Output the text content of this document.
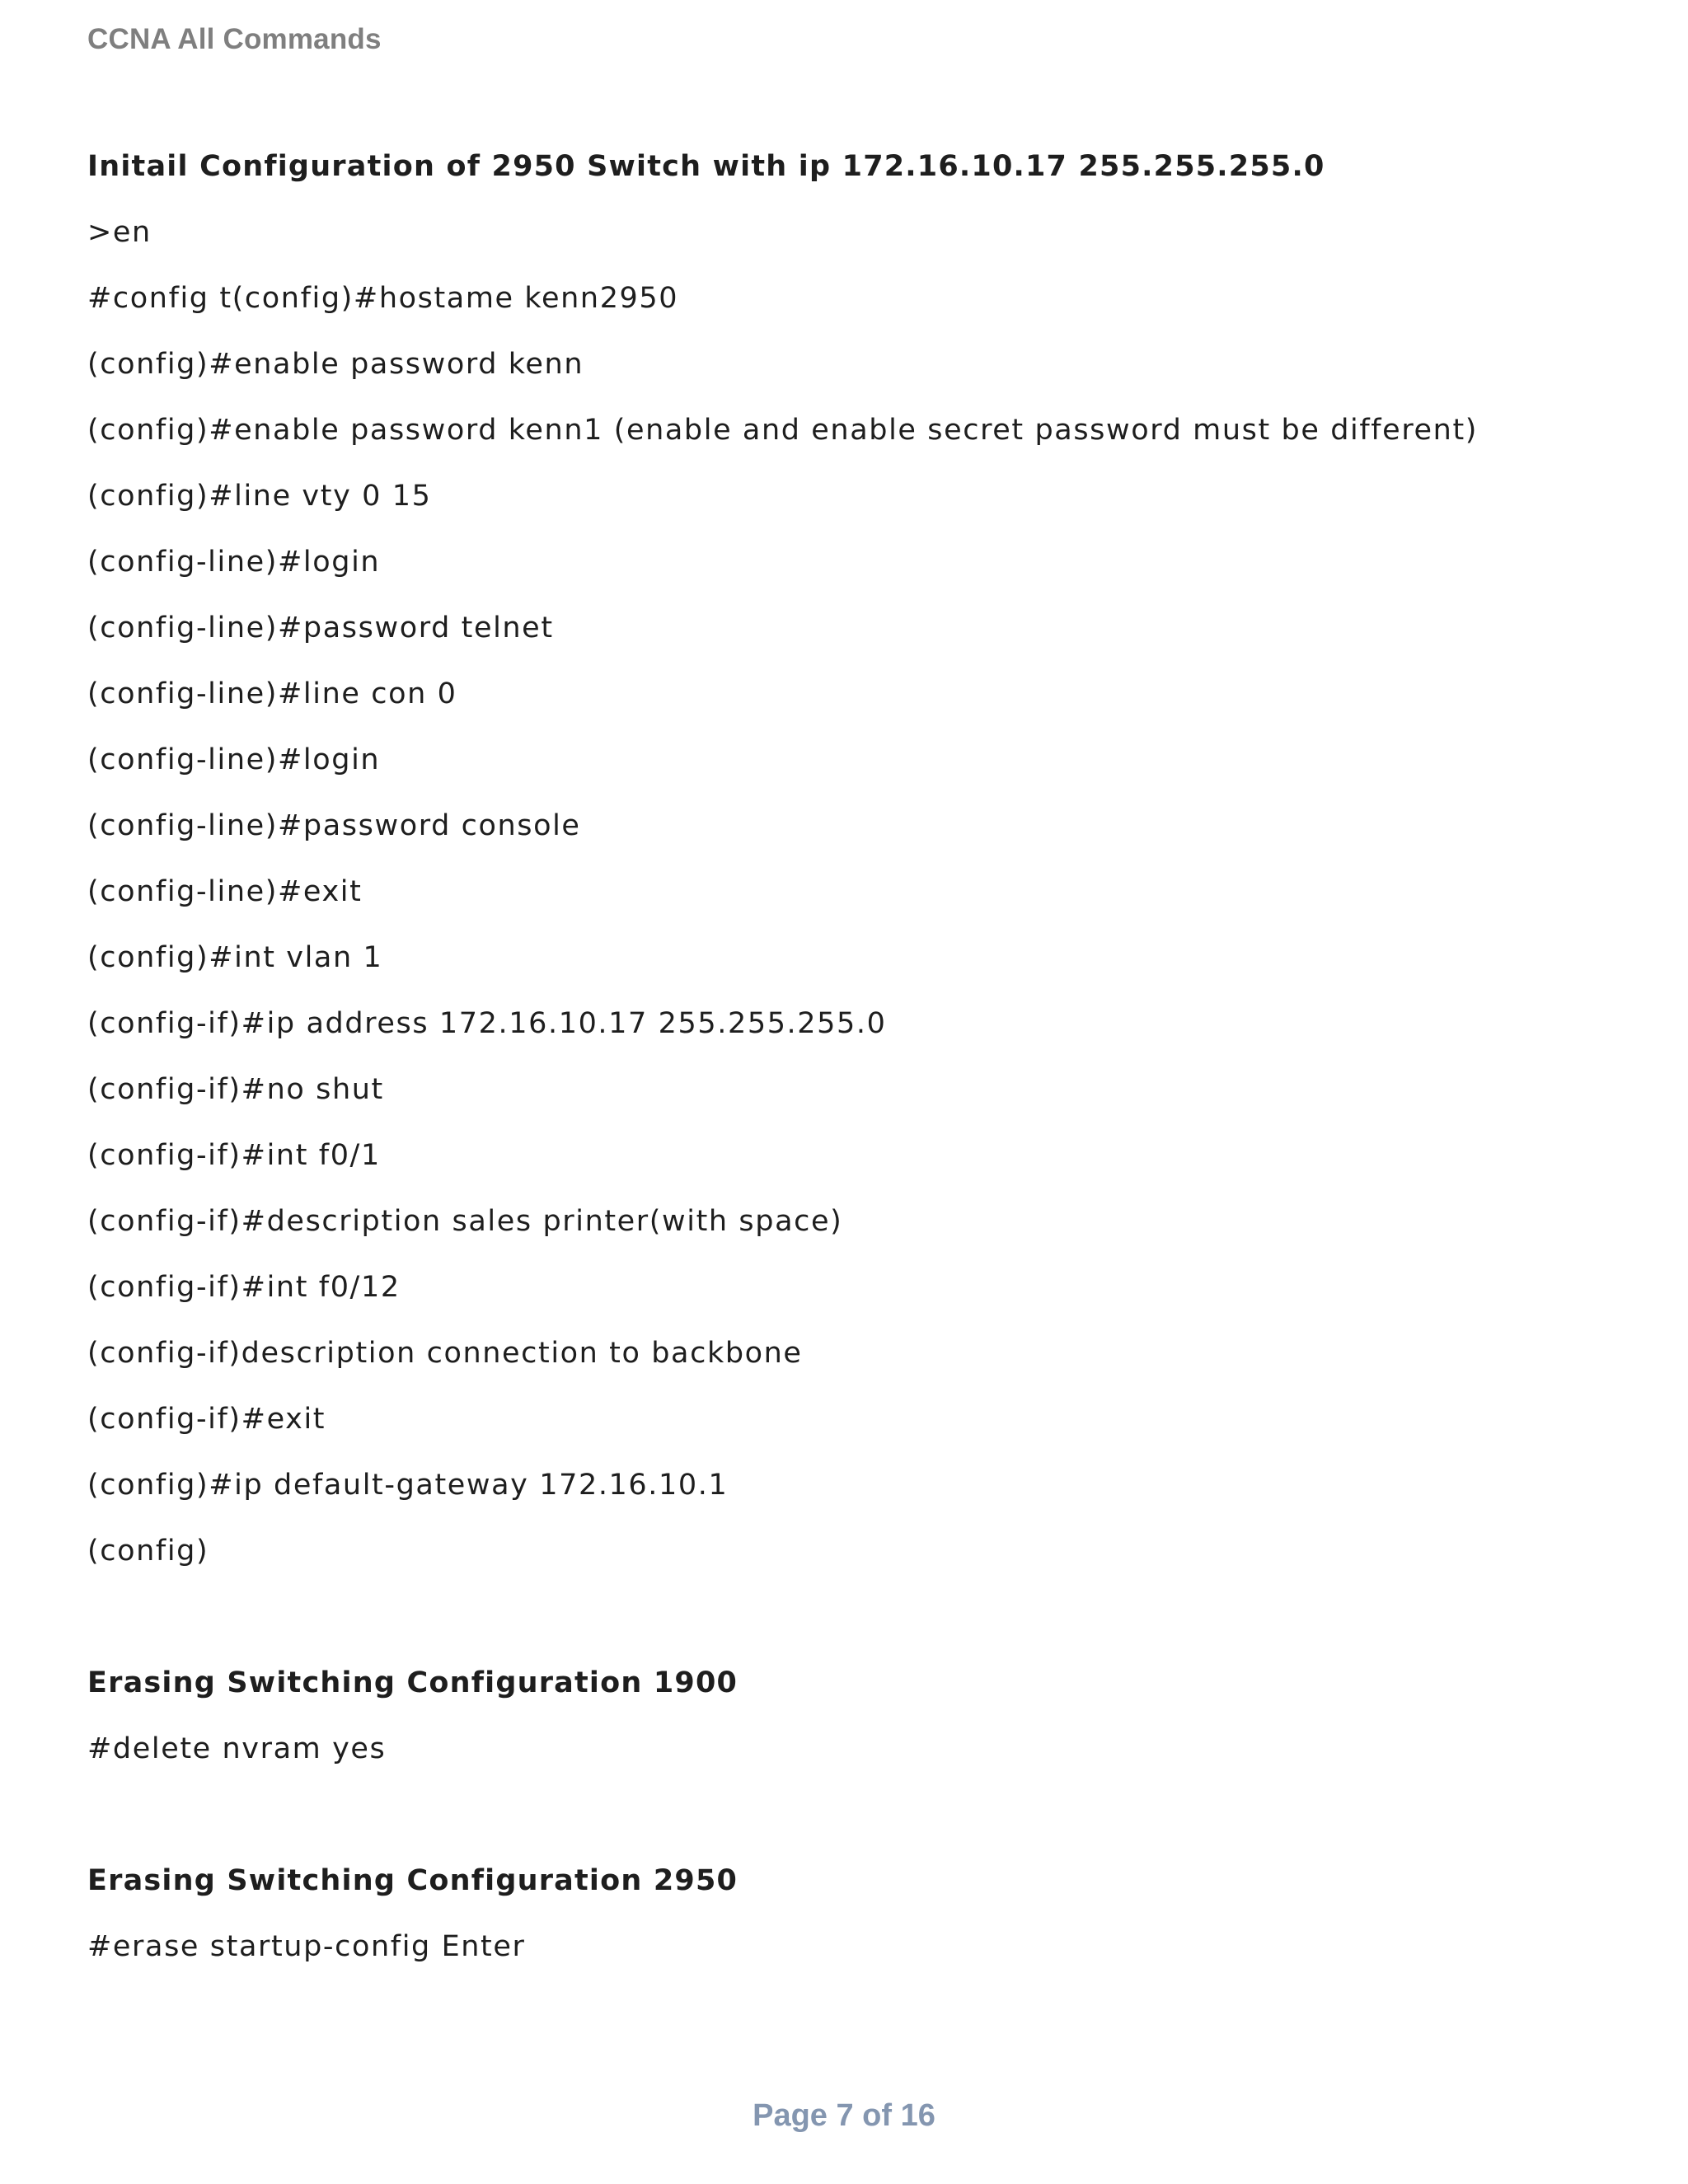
CCNA All Commands
Initail Configuration of 2950 Switch with ip 172.16.10.17 255.255.255.0
>en
#config t(config)#hostame kenn2950
(config)#enable password kenn
(config)#enable password kenn1 (enable and enable secret password must be different)
(config)#line vty 0 15
(config-line)#login
(config-line)#password telnet
(config-line)#line con 0
(config-line)#login
(config-line)#password console
(config-line)#exit
(config)#int vlan 1
(config-if)#ip address 172.16.10.17 255.255.255.0
(config-if)#no shut
(config-if)#int f0/1
(config-if)#description sales printer(with space)
(config-if)#int f0/12
(config-if)description connection to backbone
(config-if)#exit
(config)#ip default-gateway 172.16.10.1
(config)
Erasing Switching Configuration 1900
#delete nvram yes
Erasing Switching Configuration 2950
#erase startup-config Enter
Page 7 of 16
